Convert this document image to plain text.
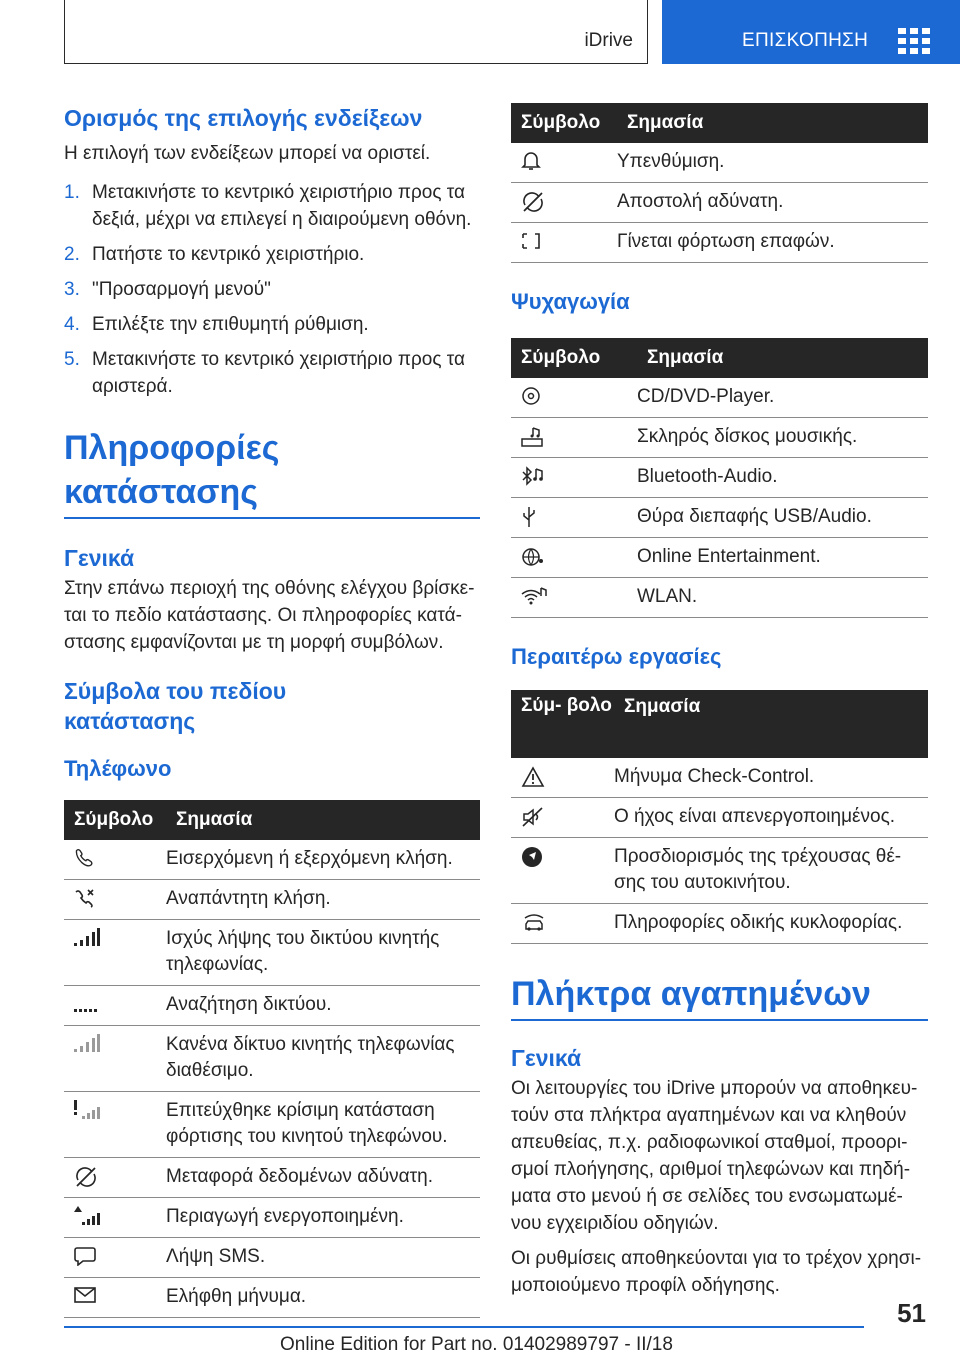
iDrive	ΕΠΙΣΚΟΠΗΣΗ
Ορισμός της επιλογής ενδείξεων

Η επιλογή των ενδείξεων μπορεί να οριστεί.

1. Μετακινήστε το κεντρικό χειριστήριο προς τα δεξιά, μέχρι να επιλεγεί η διαιρούμενη οθόνη.
2. Πατήστε το κεντρικό χειριστήριο.
3. "Προσαρμογή μενού"
4. Επιλέξτε την επιθυμητή ρύθμιση.
5. Μετακινήστε το κεντρικό χειριστήριο προς τα αριστερά.
Πληροφορίες κατάστασης
Γενικά

Στην επάνω περιοχή της οθόνης ελέγχου βρίσκε- ται το πεδίο κατάστασης. Οι πληροφορίες κατά- στασης εμφανίζονται με τη μορφή συμβόλων.

Σύμβολα του πεδίου κατάστασης
Τηλέφωνο
Σύμβολο	Σημασία

	Εισερχόμενη ή εξερχόμενη κλήση.

	Αναπάντητη κλήση.

	Ισχύς λήψης του δικτύου κινητής τηλεφωνίας.

	Αναζήτηση δικτύου.

	Κανένα δίκτυο κινητής τηλεφωνίας διαθέσιμο.

	Επιτεύχθηκε κρίσιμη κατάσταση φόρτισης του κινητού τηλεφώνου.

	Μεταφορά δεδομένων αδύνατη.

	Περιαγωγή ενεργοποιημένη.

	Λήψη SMS.

	Ελήφθη μήνυμα.
Σύμβολο	Σημασία

	Υπενθύμιση.

	Αποστολή αδύνατη.

	Γίνεται φόρτωση επαφών.
Ψυχαγωγία
Σύμβολο	Σημασία

	CD/DVD-Player.

	Σκληρός δίσκος μουσικής.

	Bluetooth-Audio.

	Θύρα διεπαφής USB/Audio.

	Online Entertainment.

	WLAN.
Περαιτέρω εργασίες
Σύμ- βολο	Σημασία

	Μήνυμα Check-Control.

	Ο ήχος είναι απενεργοποιημένος.

	Προσδιορισμός της τρέχουσας θέ- σης του αυτοκινήτου.

	Πληροφορίες οδικής κυκλοφορίας.
Πλήκτρα αγαπημένων
Γενικά

Οι λειτουργίες του iDrive μπορούν να αποθηκευ- τούν στα πλήκτρα αγαπημένων και να κληθούν απευθείας, π.χ. ραδιοφωνικοί σταθμοί, προορι- σμοί πλοήγησης, αριθμοί τηλεφώνων και πηδή- ματα στο μενού ή σε σελίδες του ενσωματωμέ- νου εγχειριδίου οδηγιών.

Οι ρυθμίσεις αποθηκεύονται για το τρέχον χρησι- μοποιούμενο προφίλ οδήγησης.

51
Online Edition for Part no. 01402989797 - II/18
